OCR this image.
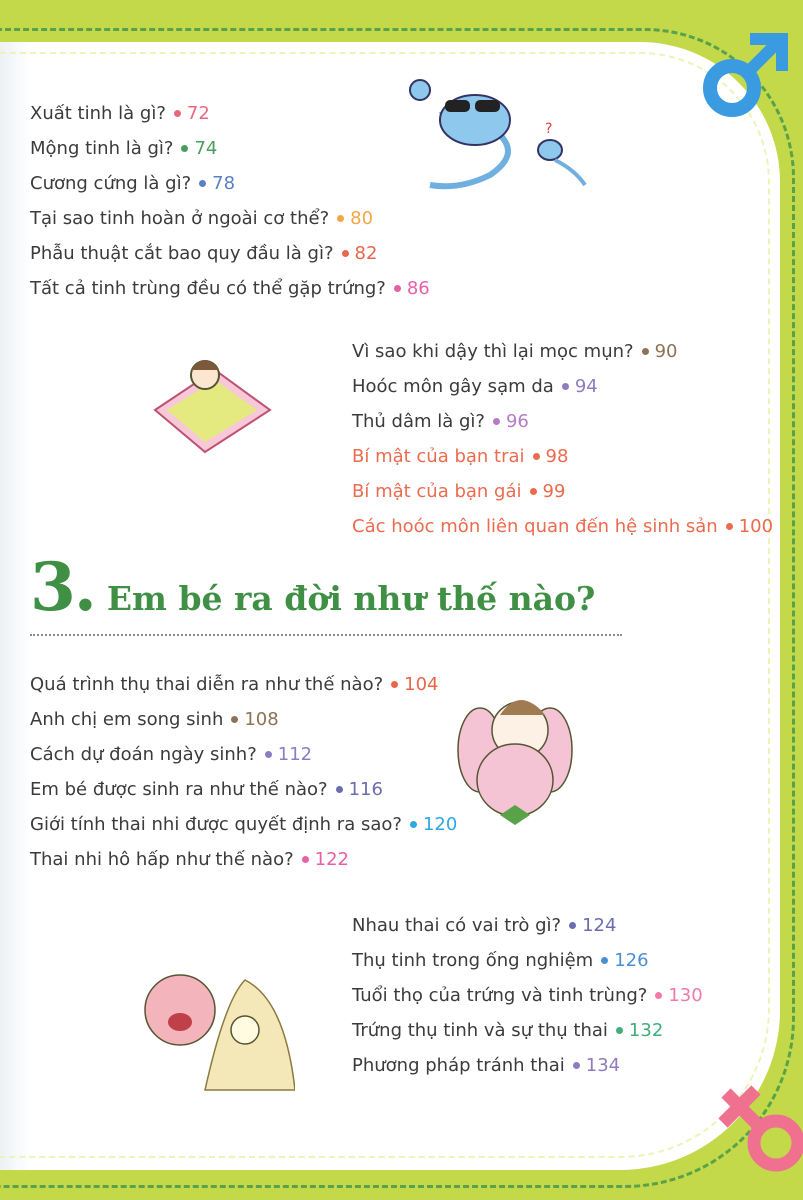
?
Xuất tinh là gì? 72
Mộng tinh là gì? 74
Cương cứng là gì? 78
Tại sao tinh hoàn ở ngoài cơ thể? 80
Phẫu thuật cắt bao quy đầu là gì? 82
Tất cả tinh trùng đều có thể gặp trứng? 86
Vì sao khi dậy thì lại mọc mụn? 90
Hoóc môn gây sạm da 94
Thủ dâm là gì? 96
Bí mật của bạn trai 98
Bí mật của bạn gái 99
Các hoóc môn liên quan đến hệ sinh sản 100
3. Em bé ra đời như thế nào?
Quá trình thụ thai diễn ra như thế nào? 104
Anh chị em song sinh 108
Cách dự đoán ngày sinh? 112
Em bé được sinh ra như thế nào? 116
Giới tính thai nhi được quyết định ra sao? 120
Thai nhi hô hấp như thế nào? 122
Nhau thai có vai trò gì? 124
Thụ tinh trong ống nghiệm 126
Tuổi thọ của trứng và tinh trùng? 130
Trứng thụ tinh và sự thụ thai 132
Phương pháp tránh thai 134
